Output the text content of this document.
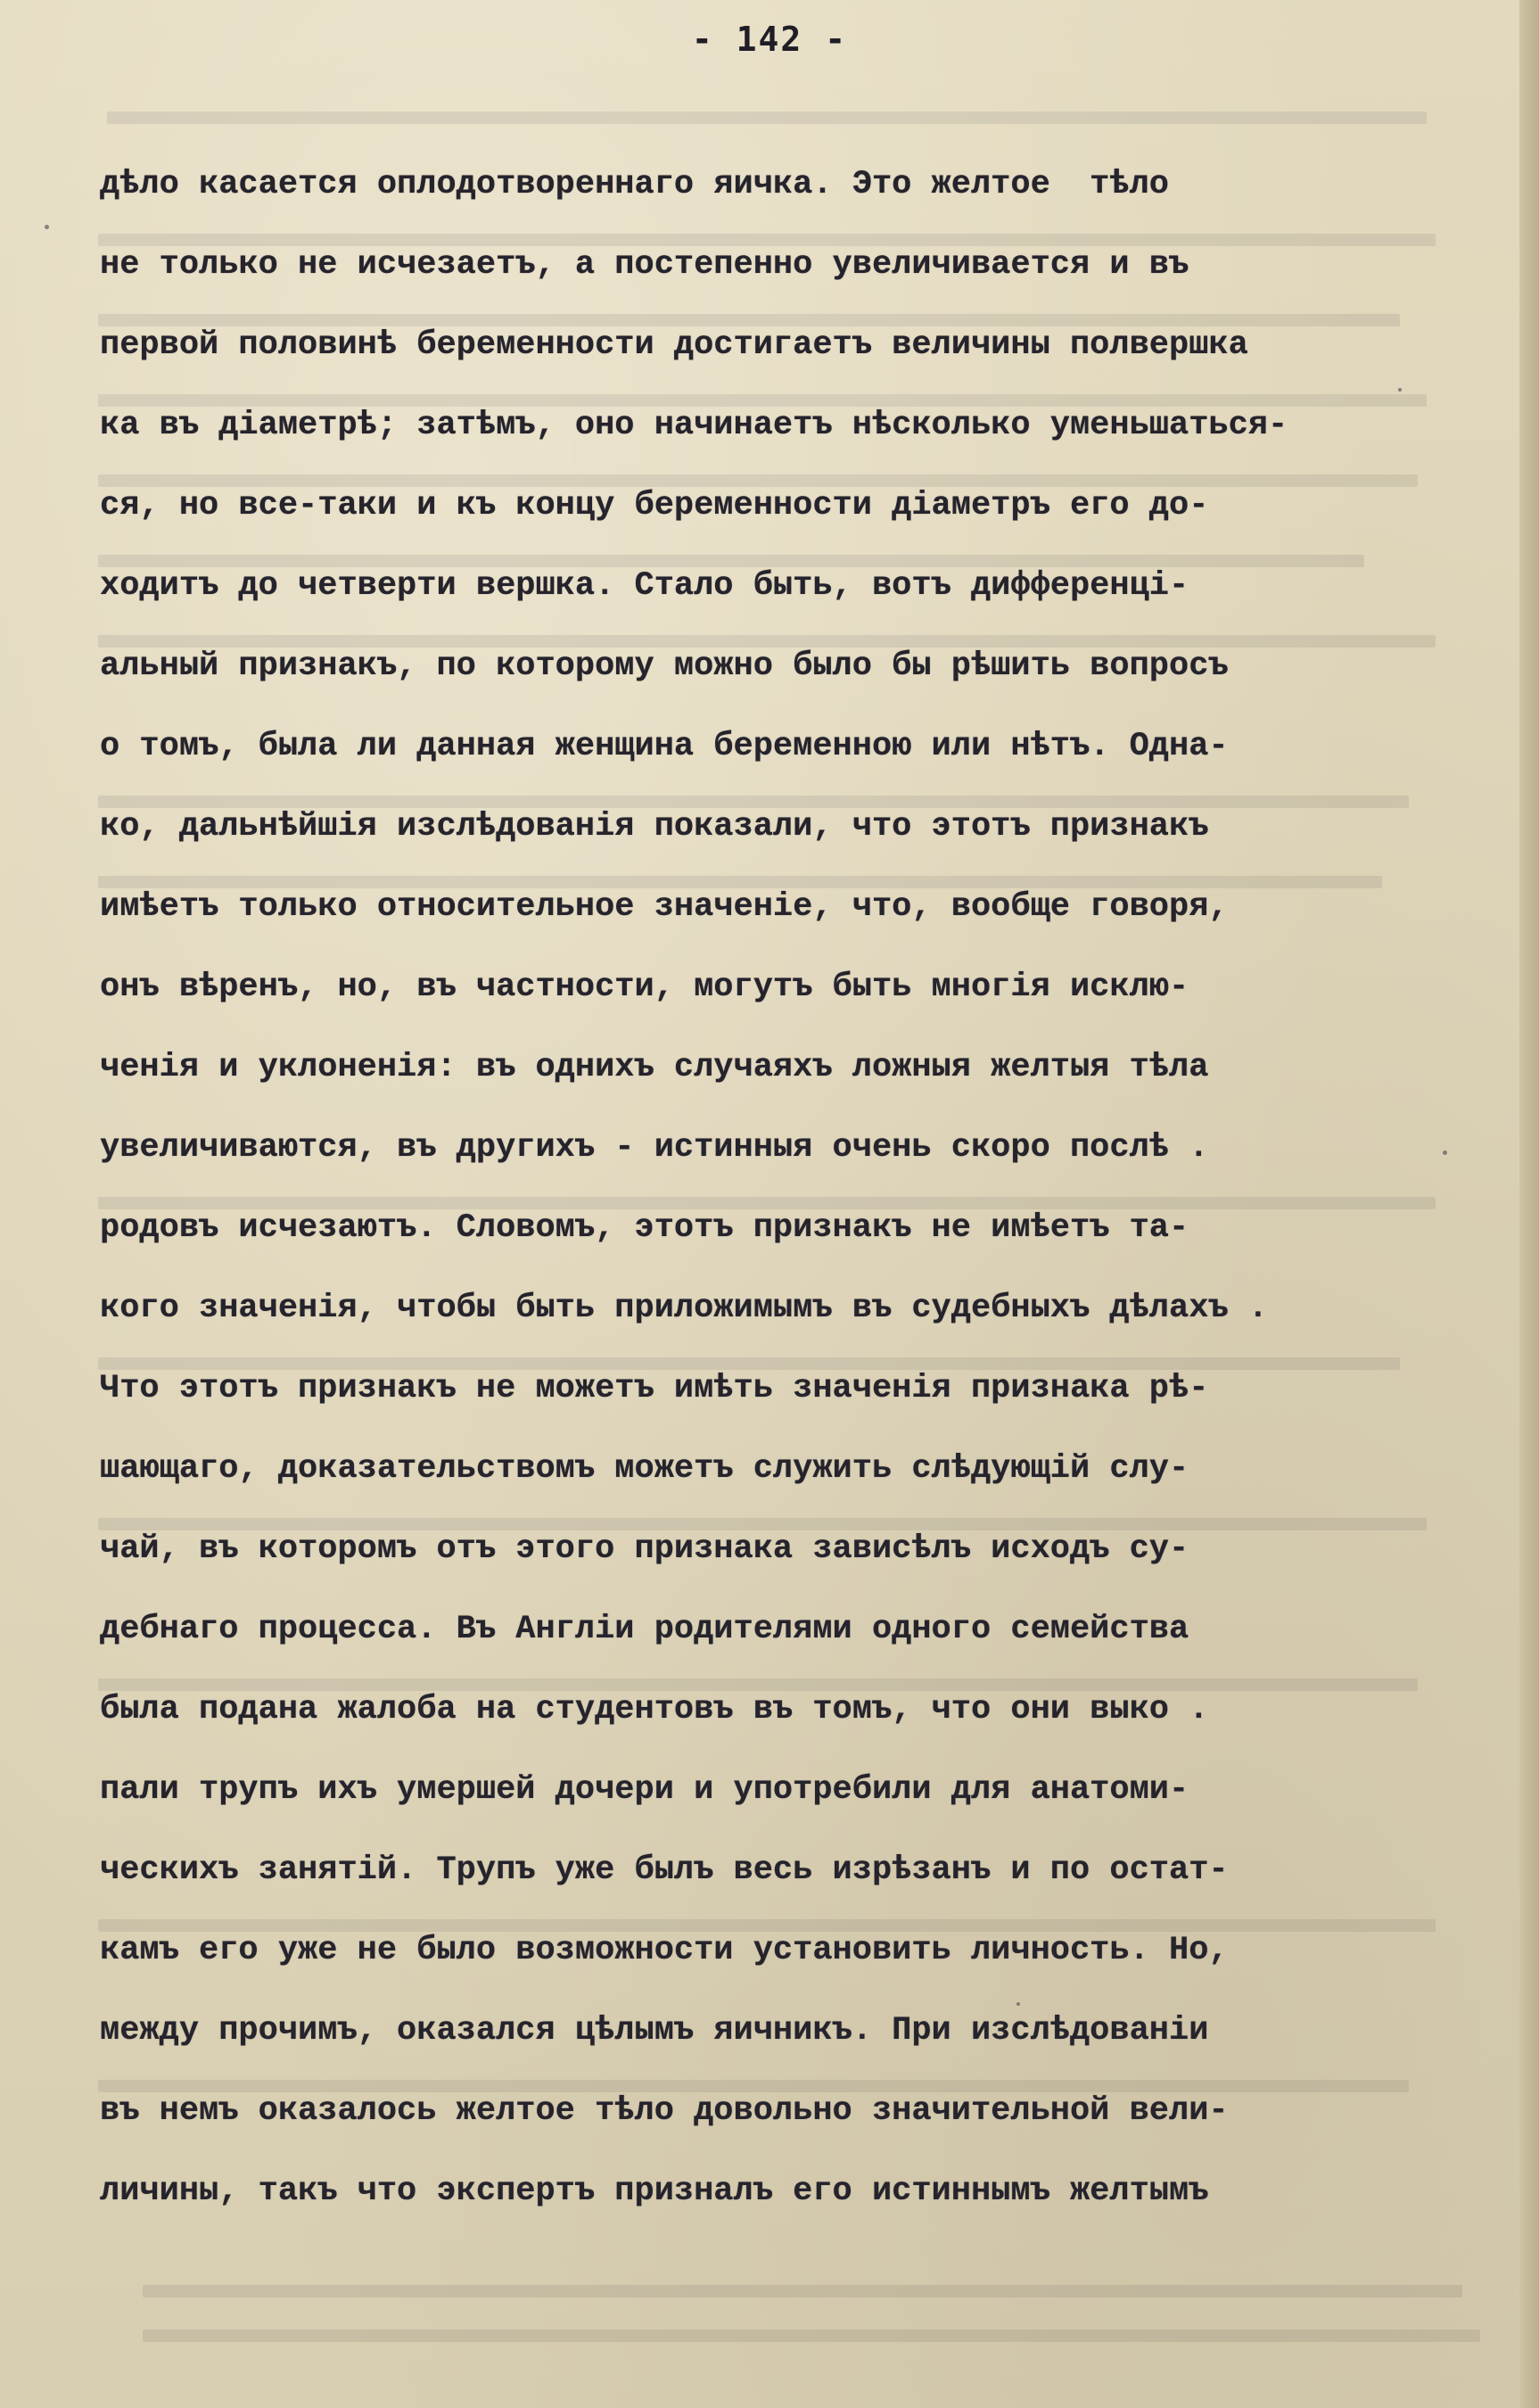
- 142 -
дѣло касается оплодотвореннаго яичка. Это желтое  тѣло
не только не исчезаетъ, а постепенно увеличивается и въ
первой половинѣ беременности достигаетъ величины полвершка
ка въ діаметрѣ; затѣмъ, оно начинаетъ нѣсколько уменьшаться-
ся, но все-таки и къ концу беременности діаметръ его до-
ходитъ до четверти вершка. Стало быть, вотъ дифференці-
альный признакъ, по которому можно было бы рѣшить вопросъ
о томъ, была ли данная женщина беременною или нѣтъ. Однa-
ко, дальнѣйшія изслѣдованія показали, что этотъ признакъ
имѣетъ только относительное значеніе, что, вообще говоря,
онъ вѣренъ, но, въ частности, могутъ быть многія исклю-
ченія и уклоненія: въ однихъ случаяхъ ложныя желтыя тѣла
увеличиваются, въ другихъ - истинныя очень скоро послѣ .
родовъ исчезаютъ. Словомъ, этотъ признакъ не имѣетъ та-
кого значенія, чтобы быть приложимымъ въ судебныхъ дѣлахъ .
Что этотъ признакъ не можетъ имѣть значенія признака рѣ-
шающаго, доказательствомъ можетъ служить слѣдующій слу-
чай, въ которомъ отъ этого признака зависѣлъ исходъ су-
дебнаго процесса. Въ Англіи родителями одного семейства
была подана жалоба на студентовъ въ томъ, что они выко .
пали трупъ ихъ умершей дочери и употребили для анатоми-
ческихъ занятій. Трупъ уже былъ весь изрѣзанъ и по остат-
камъ его уже не было возможности установить личность. Но,
между прочимъ, оказался цѣлымъ яичникъ. При изслѣдованіи
въ немъ оказалось желтое тѣло довольно значительной вели-
личины, такъ что экспертъ призналъ его истиннымъ желтымъ
